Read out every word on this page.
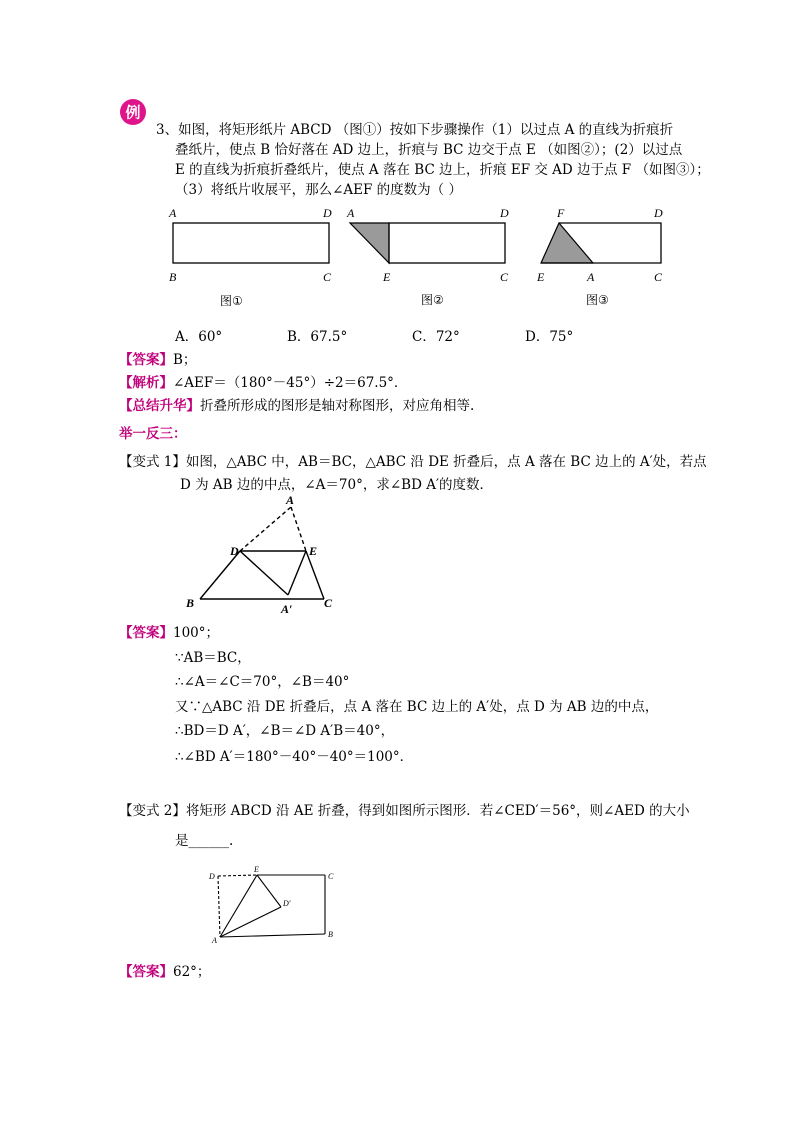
例
3、如图，将矩形纸片 ABCD （图①）按如下步骤操作（1）以过点 A 的直线为折痕折
叠纸片，使点 B 恰好落在 AD 边上，折痕与 BC 边交于点 E （如图②）；(2）以过点
E 的直线为折痕折叠纸片，使点 A 落在 BC 边上，折痕 EF 交 AD 边于点 F （如图③）；
（3）将纸片收展平，那么∠AEF 的度数为（ ）
A	D
B	C
A	D
E	C
F	D
E	A	C
图①	图②	图③
A．60°	B．67.5°	C．72°	D．75°
【答案】B；
【解析】∠AEF＝（180°－45°）÷2＝67.5°．
【总结升华】折叠所形成的图形是轴对称图形，对应角相等.
举一反三：
【变式 1】如图，△ABC 中，AB＝BC，△ABC 沿 DE 折叠后，点 A 落在 BC 边上的 A′处，若点
D 为 AB 边的中点，∠A＝70°，求∠BD A′的度数．
A
D	E
B	A′	C
【答案】100°；
∵AB＝BC，
∴∠A＝∠C＝70°，∠B＝40°
又∵△ABC 沿 DE 折叠后，点 A 落在 BC 边上的 A′处，点 D 为 AB 边的中点，
∴BD＝D A′，∠B＝∠D A′B＝40°，
∴∠BD A′＝180°－40°－40°＝100°．
【变式 2】将矩形 ABCD 沿 AE 折叠，得到如图所示图形．若∠CED′＝56°，则∠AED 的大小
是______.
D
E
C
D′
A
B
【答案】62°；
